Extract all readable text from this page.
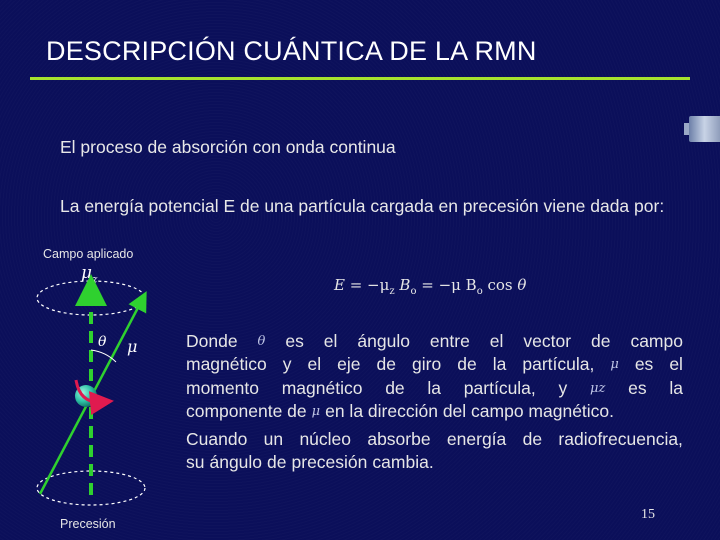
DESCRIPCIÓN CUÁNTICA DE LA RMN
El proceso de absorción con onda continua
La energía potencial E de una partícula cargada en precesión viene dada por:
Campo aplicado
$\mu_z$
θ μ
Precesión
$E = -\mu_z$ $B_o = -\mu$ $B_o$ cos θ
Donde θ es el ángulo entre el vector de campo
magnético y el eje de giro de la partícula, μ es el
momento magnético de la partícula, y μz es la
componente de μ en la dirección del campo magnético.
Cuando un núcleo absorbe energía de radiofrecuencia,
su ángulo de precesión cambia.
15
